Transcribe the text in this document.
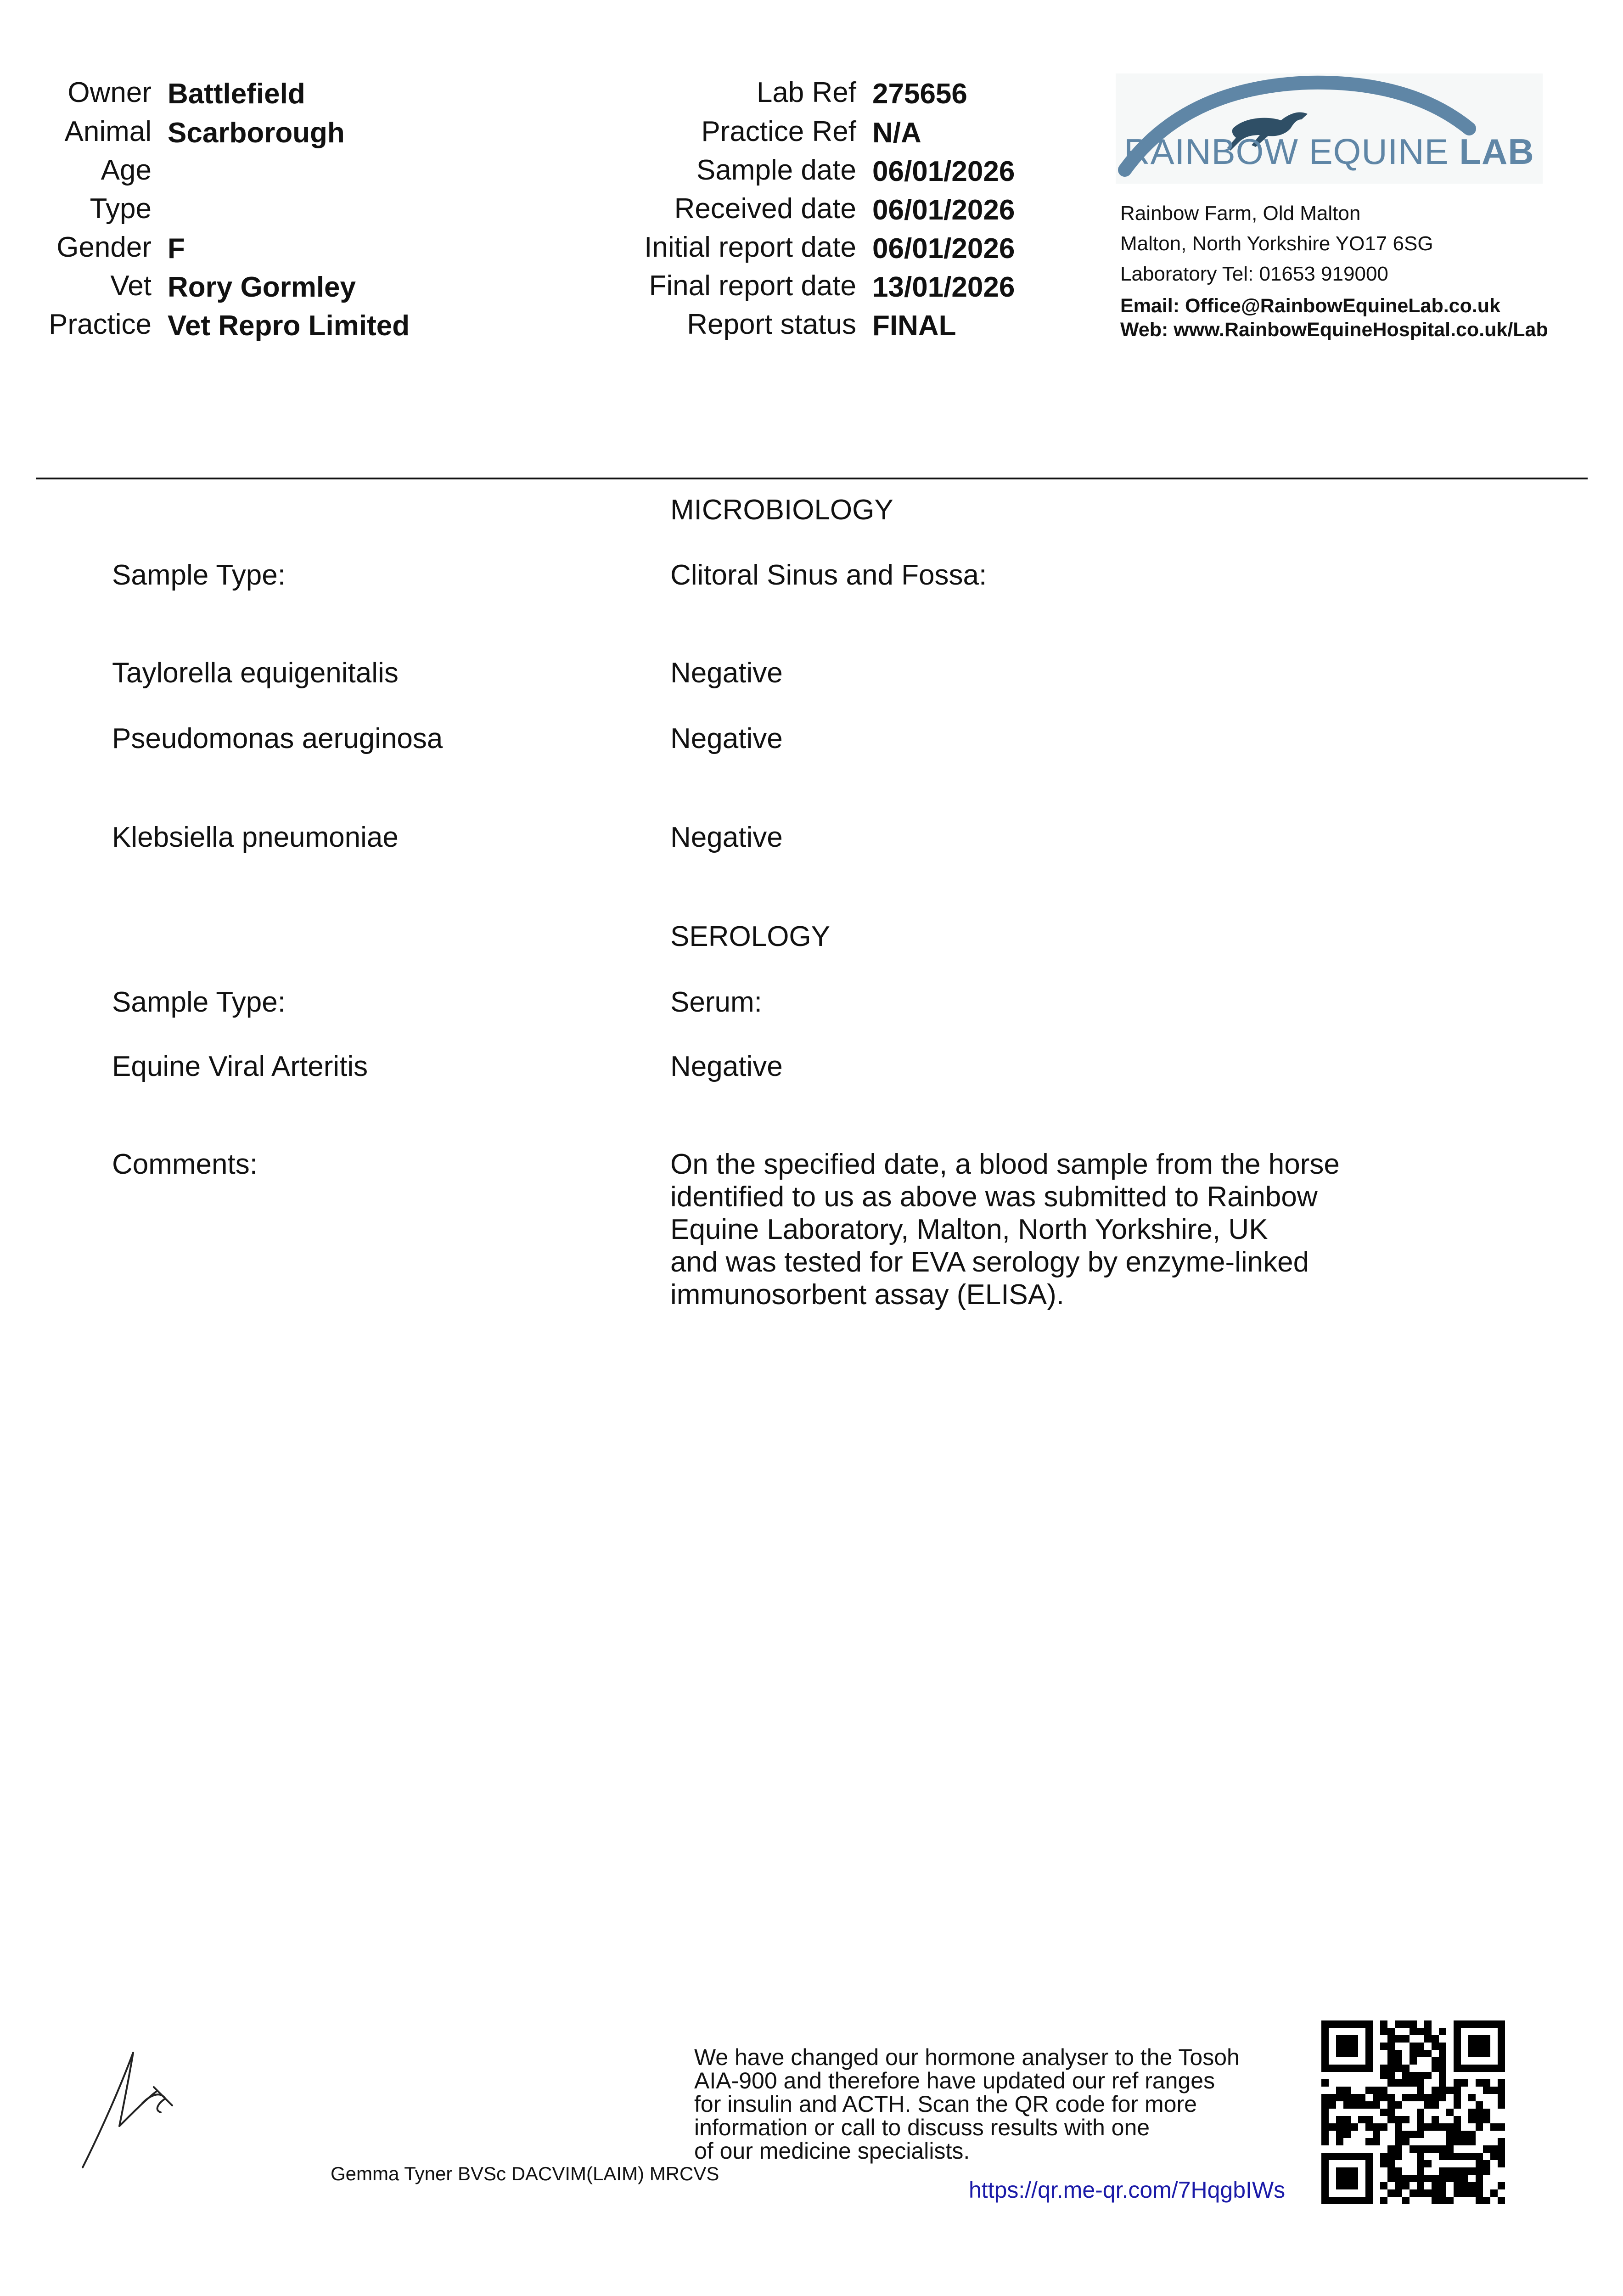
Owner Battlefield
Animal Scarborough
Age
Type
Gender F
Vet Rory Gormley
Practice Vet Repro Limited
Lab Ref 275656
Practice Ref N/A
Sample date 06/01/2026
Received date 06/01/2026
Initial report date 06/01/2026
Final report date 13/01/2026
Report status FINAL
RAINBOW EQUINE LAB
Rainbow Farm, Old Malton
Malton, North Yorkshire YO17 6SG
Laboratory Tel: 01653 919000
Email: Office@RainbowEquineLab.co.uk
Web: www.RainbowEquineHospital.co.uk/Lab
MICROBIOLOGY
Sample Type:	Clitoral Sinus and Fossa:
Taylorella equigenitalis	Negative
Pseudomonas aeruginosa	Negative
Klebsiella pneumoniae	Negative
SEROLOGY
Sample Type:	Serum:
Equine Viral Arteritis	Negative
Comments:	On the specified date, a blood sample from the horse
identified to us as above was submitted to Rainbow
Equine Laboratory, Malton, North Yorkshire, UK
and was tested for EVA serology by enzyme-linked
immunosorbent assay (ELISA).
Gemma Tyner BVSc DACVIM(LAIM) MRCVS
We have changed our hormone analyser to the Tosoh
AIA-900 and therefore have updated our ref ranges
for insulin and ACTH. Scan the QR code for more
information or call to discuss results with one
of our medicine specialists.
https://qr.me-qr.com/7HqgbIWs
